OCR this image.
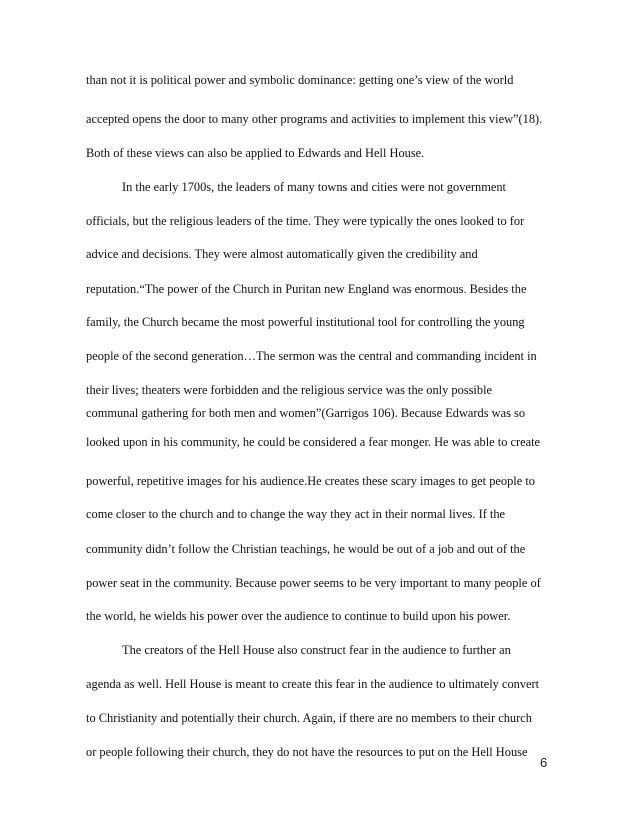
than not it is political power and symbolic dominance: getting one’s view of the world
accepted opens the door to many other programs and activities to implement this view”(18).
Both of these views can also be applied to Edwards and Hell House.
In the early 1700s, the leaders of many towns and cities were not government
officials, but the religious leaders of the time. They were typically the ones looked to for
advice and decisions. They were almost automatically given the credibility and
reputation.“The power of the Church in Puritan new England was enormous. Besides the
family, the Church became the most powerful institutional tool for controlling the young
people of the second generation…The sermon was the central and commanding incident in
their lives; theaters were forbidden and the religious service was the only possible
communal gathering for both men and women”(Garrigos 106). Because Edwards was so
looked upon in his community, he could be considered a fear monger. He was able to create
powerful, repetitive images for his audience.He creates these scary images to get people to
come closer to the church and to change the way they act in their normal lives. If the
community didn’t follow the Christian teachings, he would be out of a job and out of the
power seat in the community. Because power seems to be very important to many people of
the world, he wields his power over the audience to continue to build upon his power.
The creators of the Hell House also construct fear in the audience to further an
agenda as well. Hell House is meant to create this fear in the audience to ultimately convert
to Christianity and potentially their church. Again, if there are no members to their church
or people following their church, they do not have the resources to put on the Hell House
6
